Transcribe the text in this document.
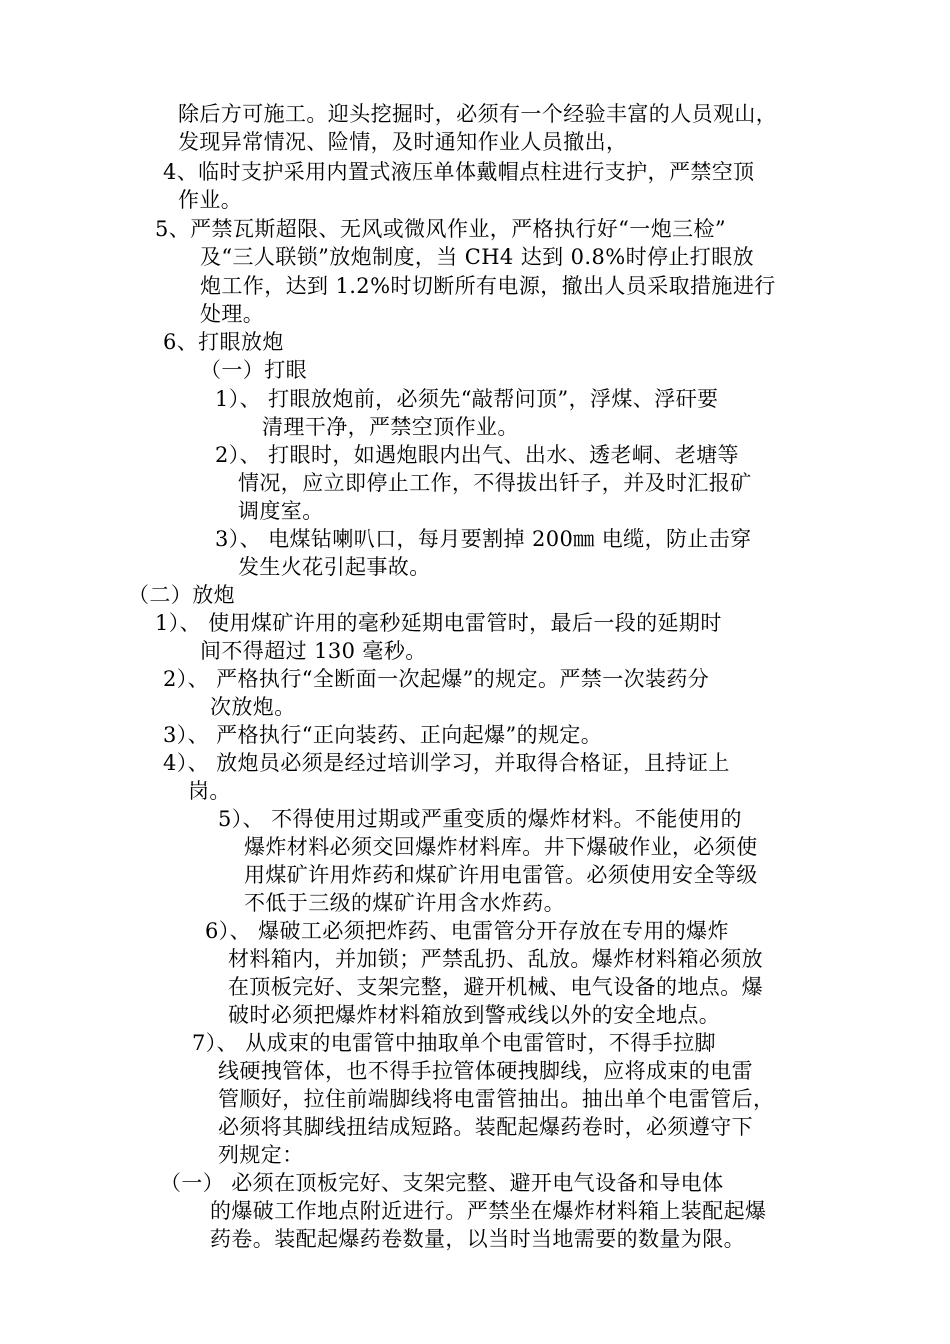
除后方可施工。迎头挖掘时，必须有一个经验丰富的人员观山，
发现异常情况、险情，及时通知作业人员撤出，
4、临时支护采用内置式液压单体戴帽点柱进行支护，严禁空顶
作业。
5、严禁瓦斯超限、无风或微风作业，严格执行好“一炮三检”
及“三人联锁”放炮制度，当 CH4 达到 0.8%时停止打眼放
炮工作，达到 1.2%时切断所有电源，撤出人员采取措施进行
处理。
6、打眼放炮
（一）打眼
1）、 打眼放炮前，必须先“敲帮问顶”，浮煤、浮矸要
清理干净，严禁空顶作业。
2）、 打眼时，如遇炮眼内出气、出水、透老峒、老塘等
情况，应立即停止工作，不得拔出钎子，并及时汇报矿
调度室。
3）、 电煤钻喇叭口，每月要割掉 200㎜ 电缆，防止击穿
发生火花引起事故。
（二）放炮
1）、 使用煤矿许用的毫秒延期电雷管时，最后一段的延期时
间不得超过 130 毫秒。
2）、 严格执行“全断面一次起爆”的规定。严禁一次装药分
次放炮。
3）、 严格执行“正向装药、正向起爆”的规定。
4）、 放炮员必须是经过培训学习，并取得合格证，且持证上
岗。
5）、 不得使用过期或严重变质的爆炸材料。不能使用的
爆炸材料必须交回爆炸材料库。井下爆破作业，必须使
用煤矿许用炸药和煤矿许用电雷管。必须使用安全等级
不低于三级的煤矿许用含水炸药。
6）、 爆破工必须把炸药、电雷管分开存放在专用的爆炸
材料箱内，并加锁；严禁乱扔、乱放。爆炸材料箱必须放
在顶板完好、支架完整，避开机械、电气设备的地点。爆
破时必须把爆炸材料箱放到警戒线以外的安全地点。
7）、 从成束的电雷管中抽取单个电雷管时，不得手拉脚
线硬拽管体，也不得手拉管体硬拽脚线，应将成束的电雷
管顺好，拉住前端脚线将电雷管抽出。抽出单个电雷管后，
必须将其脚线扭结成短路。装配起爆药卷时，必须遵守下
列规定：
（一） 必须在顶板完好、支架完整、避开电气设备和导电体
的爆破工作地点附近进行。严禁坐在爆炸材料箱上装配起爆
药卷。装配起爆药卷数量，以当时当地需要的数量为限。
